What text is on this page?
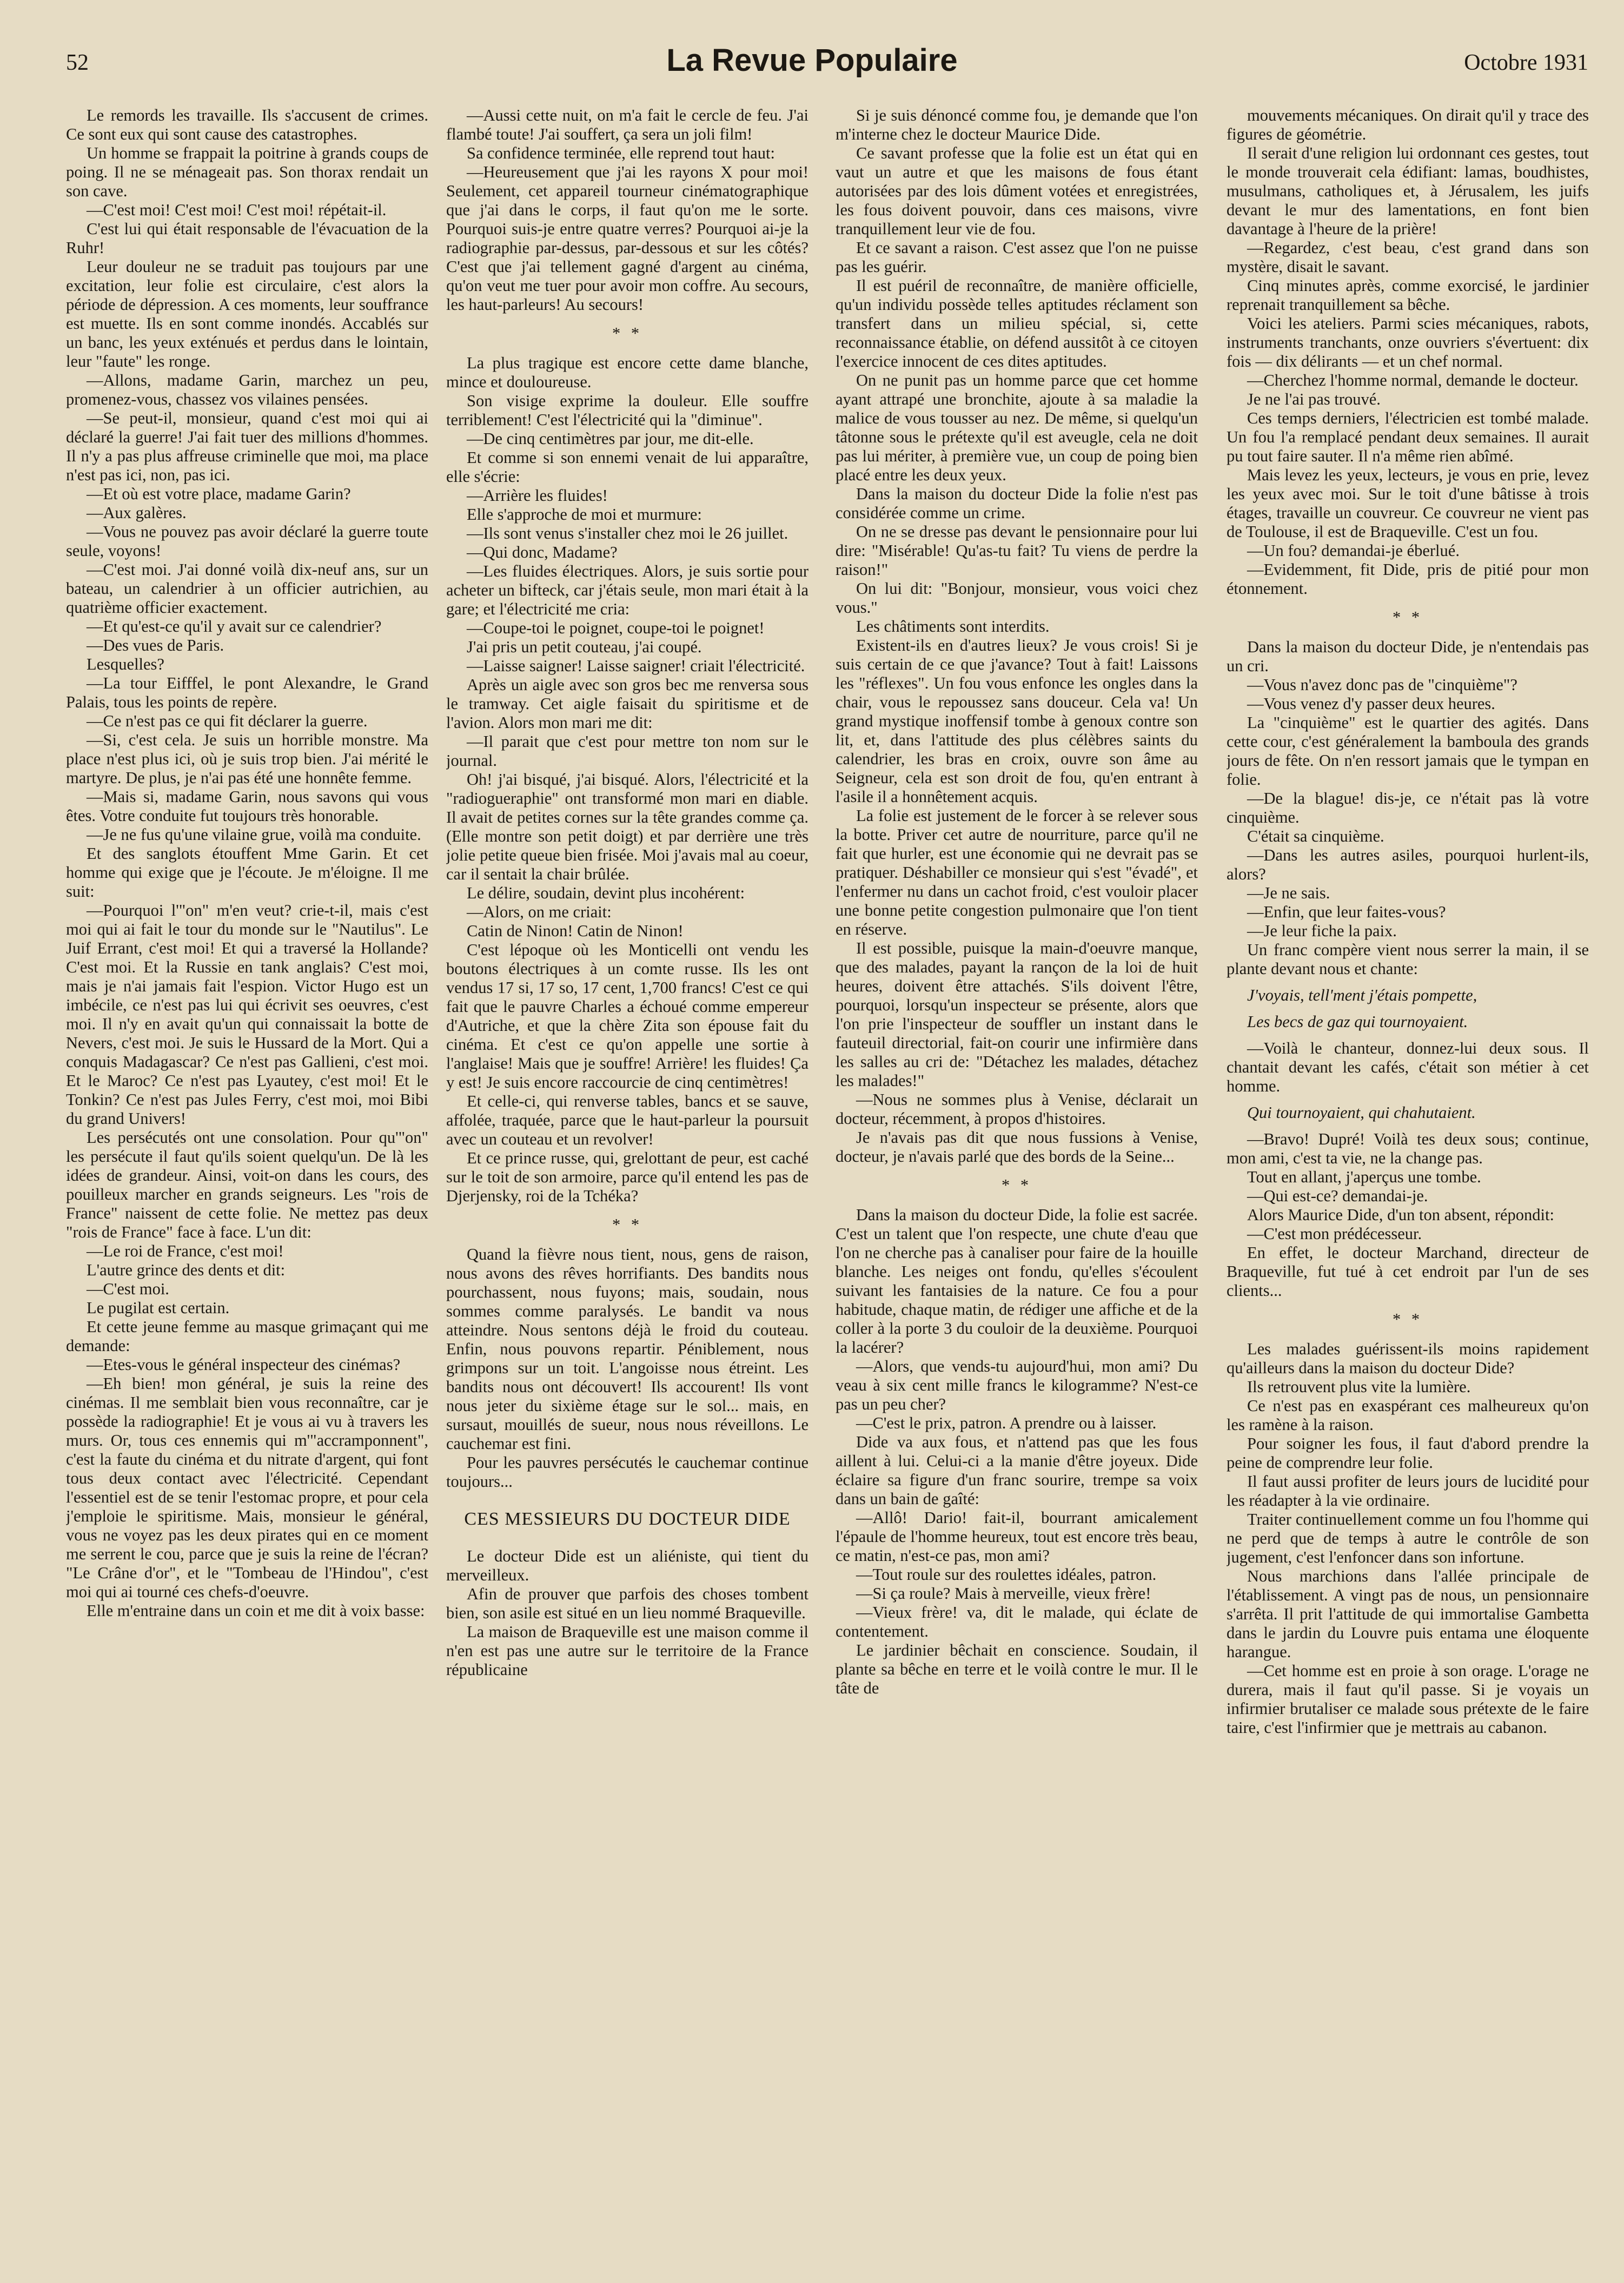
52	La Revue Populaire	Octobre 1931

Le remords les travaille. Ils s'accusent de crimes. Ce sont eux qui sont cause des catastrophes.

Un homme se frappait la poitrine à grands coups de poing. Il ne se ménageait pas. Son thorax rendait un son cave.

—C'est moi! C'est moi! C'est moi! répétait-il.

C'est lui qui était responsable de l'évacuation de la Ruhr!

Leur douleur ne se traduit pas toujours par une excitation, leur folie est circulaire, c'est alors la période de dépression. A ces moments, leur souffrance est muette. Ils en sont comme inondés. Accablés sur un banc, les yeux exténués et perdus dans le lointain, leur "faute" les ronge.

—Allons, madame Garin, marchez un peu, promenez-vous, chassez vos vilaines pensées.

—Se peut-il, monsieur, quand c'est moi qui ai déclaré la guerre! J'ai fait tuer des millions d'hommes. Il n'y a pas plus affreuse criminelle que moi, ma place n'est pas ici, non, pas ici.

—Et où est votre place, madame Garin?

—Aux galères.

—Vous ne pouvez pas avoir déclaré la guerre toute seule, voyons!

—C'est moi. J'ai donné voilà dix-neuf ans, sur un bateau, un calendrier à un officier autrichien, au quatrième officier exactement.

—Et qu'est-ce qu'il y avait sur ce calendrier?

—Des vues de Paris.

Lesquelles?

—La tour Eifffel, le pont Alexandre, le Grand Palais, tous les points de repère.

—Ce n'est pas ce qui fit déclarer la guerre.

—Si, c'est cela. Je suis un horrible monstre. Ma place n'est plus ici, où je suis trop bien. J'ai mérité le martyre. De plus, je n'ai pas été une honnête femme.

—Mais si, madame Garin, nous savons qui vous êtes. Votre conduite fut toujours très honorable.

—Je ne fus qu'une vilaine grue, voilà ma conduite.

Et des sanglots étouffent Mme Garin. Et cet homme qui exige que je l'écoute. Je m'éloigne. Il me suit:

—Pourquoi l'"on" m'en veut? crie-t-il, mais c'est moi qui ai fait le tour du monde sur le "Nautilus". Le Juif Errant, c'est moi! Et qui a traversé la Hollande? C'est moi. Et la Russie en tank anglais? C'est moi, mais je n'ai jamais fait l'espion. Victor Hugo est un imbécile, ce n'est pas lui qui écrivit ses oeuvres, c'est moi. Il n'y en avait qu'un qui connaissait la botte de Nevers, c'est moi. Je suis le Hussard de la Mort. Qui a conquis Madagascar? Ce n'est pas Gallieni, c'est moi. Et le Maroc? Ce n'est pas Lyautey, c'est moi! Et le Tonkin? Ce n'est pas Jules Ferry, c'est moi, moi Bibi du grand Univers!

Les persécutés ont une consolation. Pour qu'"on" les persécute il faut qu'ils soient quelqu'un. De là les idées de grandeur. Ainsi, voit-on dans les cours, des pouilleux marcher en grands seigneurs. Les "rois de France" naissent de cette folie. Ne mettez pas deux "rois de France" face à face. L'un dit:

—Le roi de France, c'est moi!

L'autre grince des dents et dit:

—C'est moi.

Le pugilat est certain.

Et cette jeune femme au masque grimaçant qui me demande:

—Etes-vous le général inspecteur des cinémas?

—Eh bien! mon général, je suis la reine des cinémas. Il me semblait bien vous reconnaître, car je possède la radiographie! Et je vous ai vu à travers les murs. Or, tous ces ennemis qui m'"accramponnent", c'est la faute du cinéma et du nitrate d'argent, qui font tous deux contact avec l'électricité. Cependant l'essentiel est de se tenir l'estomac propre, et pour cela j'emploie le spiritisme. Mais, monsieur le général, vous ne voyez pas les deux pirates qui en ce moment me serrent le cou, parce que je suis la reine de l'écran? "Le Crâne d'or", et le "Tombeau de l'Hindou", c'est moi qui ai tourné ces chefs-d'oeuvre.

Elle m'entraine dans un coin et me dit à voix basse:

—Aussi cette nuit, on m'a fait le cercle de feu. J'ai flambé toute! J'ai souffert, ça sera un joli film!

Sa confidence terminée, elle reprend tout haut:

—Heureusement que j'ai les rayons X pour moi! Seulement, cet appareil tourneur cinématographique que j'ai dans le corps, il faut qu'on me le sorte. Pourquoi suis-je entre quatre verres? Pourquoi ai-je la radiographie par-dessus, par-dessous et sur les côtés? C'est que j'ai tellement gagné d'argent au cinéma, qu'on veut me tuer pour avoir mon coffre. Au secours, les haut-parleurs! Au secours!

* *

La plus tragique est encore cette dame blanche, mince et douloureuse.

Son visige exprime la douleur. Elle souffre terriblement! C'est l'électricité qui la "diminue".

—De cinq centimètres par jour, me dit-elle.

Et comme si son ennemi venait de lui apparaître, elle s'écrie:

—Arrière les fluides!

Elle s'approche de moi et murmure:

—Ils sont venus s'installer chez moi le 26 juillet.

—Qui donc, Madame?

—Les fluides électriques. Alors, je suis sortie pour acheter un bifteck, car j'étais seule, mon mari était à la gare; et l'électricité me cria:

—Coupe-toi le poignet, coupe-toi le poignet!

J'ai pris un petit couteau, j'ai coupé.

—Laisse saigner! Laisse saigner! criait l'électricité.

Après un aigle avec son gros bec me renversa sous le tramway. Cet aigle faisait du spiritisme et de l'avion. Alors mon mari me dit:

—Il parait que c'est pour mettre ton nom sur le journal.

Oh! j'ai bisqué, j'ai bisqué. Alors, l'électricité et la "radiogueraphie" ont transformé mon mari en diable. Il avait de petites cornes sur la tête grandes comme ça. (Elle montre son petit doigt) et par derrière une très jolie petite queue bien frisée. Moi j'avais mal au coeur, car il sentait la chair brûlée.

Le délire, soudain, devint plus incohérent:

—Alors, on me criait:

Catin de Ninon! Catin de Ninon!

C'est lépoque où les Monticelli ont vendu les boutons électriques à un comte russe. Ils les ont vendus 17 si, 17 so, 17 cent, 1,700 francs! C'est ce qui fait que le pauvre Charles a échoué comme empereur d'Autriche, et que la chère Zita son épouse fait du cinéma. Et c'est ce qu'on appelle une sortie à l'anglaise! Mais que je souffre! Arrière! les fluides! Ça y est! Je suis encore raccourcie de cinq centimètres!

Et celle-ci, qui renverse tables, bancs et se sauve, affolée, traquée, parce que le haut-parleur la poursuit avec un couteau et un revolver!

Et ce prince russe, qui, grelottant de peur, est caché sur le toit de son armoire, parce qu'il entend les pas de Djerjensky, roi de la Tchéka?

* *

Quand la fièvre nous tient, nous, gens de raison, nous avons des rêves horrifiants. Des bandits nous pourchassent, nous fuyons; mais, soudain, nous sommes comme paralysés. Le bandit va nous atteindre. Nous sentons déjà le froid du couteau. Enfin, nous pouvons repartir. Péniblement, nous grimpons sur un toit. L'angoisse nous étreint. Les bandits nous ont découvert! Ils accourent! Ils vont nous jeter du sixième étage sur le sol... mais, en sursaut, mouillés de sueur, nous nous réveillons. Le cauchemar est fini.

Pour les pauvres persécutés le cauchemar continue toujours...

CES MESSIEURS DU DOCTEUR DIDE

Le docteur Dide est un aliéniste, qui tient du merveilleux.

Afin de prouver que parfois des choses tombent bien, son asile est situé en un lieu nommé Braqueville.

La maison de Braqueville est une maison comme il n'en est pas une autre sur le territoire de la France républicaine

Si je suis dénoncé comme fou, je demande que l'on m'interne chez le docteur Maurice Dide.

Ce savant professe que la folie est un état qui en vaut un autre et que les maisons de fous étant autorisées par des lois dûment votées et enregistrées, les fous doivent pouvoir, dans ces maisons, vivre tranquillement leur vie de fou.

Et ce savant a raison. C'est assez que l'on ne puisse pas les guérir.

Il est puéril de reconnaître, de manière officielle, qu'un individu possède telles aptitudes réclament son transfert dans un milieu spécial, si, cette reconnaissance établie, on défend aussitôt à ce citoyen l'exercice innocent de ces dites aptitudes.

On ne punit pas un homme parce que cet homme ayant attrapé une bronchite, ajoute à sa maladie la malice de vous tousser au nez. De même, si quelqu'un tâtonne sous le prétexte qu'il est aveugle, cela ne doit pas lui mériter, à première vue, un coup de poing bien placé entre les deux yeux.

Dans la maison du docteur Dide la folie n'est pas considérée comme un crime.

On ne se dresse pas devant le pensionnaire pour lui dire: "Misérable! Qu'as-tu fait? Tu viens de perdre la raison!"

On lui dit: "Bonjour, monsieur, vous voici chez vous."

Les châtiments sont interdits.

Existent-ils en d'autres lieux? Je vous crois! Si je suis certain de ce que j'avance? Tout à fait! Laissons les "réflexes". Un fou vous enfonce les ongles dans la chair, vous le repoussez sans douceur. Cela va! Un grand mystique inoffensif tombe à genoux contre son lit, et, dans l'attitude des plus célèbres saints du calendrier, les bras en croix, ouvre son âme au Seigneur, cela est son droit de fou, qu'en entrant à l'asile il a honnêtement acquis.

La folie est justement de le forcer à se relever sous la botte. Priver cet autre de nourriture, parce qu'il ne fait que hurler, est une économie qui ne devrait pas se pratiquer. Déshabiller ce monsieur qui s'est "évadé", et l'enfermer nu dans un cachot froid, c'est vouloir placer une bonne petite congestion pulmonaire que l'on tient en réserve.

Il est possible, puisque la main-d'oeuvre manque, que des malades, payant la rançon de la loi de huit heures, doivent être attachés. S'ils doivent l'être, pourquoi, lorsqu'un inspecteur se présente, alors que l'on prie l'inspecteur de souffler un instant dans le fauteuil directorial, fait-on courir une infirmière dans les salles au cri de: "Détachez les malades, détachez les malades!"

—Nous ne sommes plus à Venise, déclarait un docteur, récemment, à propos d'histoires.

Je n'avais pas dit que nous fussions à Venise, docteur, je n'avais parlé que des bords de la Seine...

* *

Dans la maison du docteur Dide, la folie est sacrée. C'est un talent que l'on respecte, une chute d'eau que l'on ne cherche pas à canaliser pour faire de la houille blanche. Les neiges ont fondu, qu'elles s'écoulent suivant les fantaisies de la nature. Ce fou a pour habitude, chaque matin, de rédiger une affiche et de la coller à la porte 3 du couloir de la deuxième. Pourquoi la lacérer?

—Alors, que vends-tu aujourd'hui, mon ami? Du veau à six cent mille francs le kilogramme? N'est-ce pas un peu cher?

—C'est le prix, patron. A prendre ou à laisser.

Dide va aux fous, et n'attend pas que les fous aillent à lui. Celui-ci a la manie d'être joyeux. Dide éclaire sa figure d'un franc sourire, trempe sa voix dans un bain de gaîté:

—Allô! Dario! fait-il, bourrant amicalement l'épaule de l'homme heureux, tout est encore très beau, ce matin, n'est-ce pas, mon ami?

—Tout roule sur des roulettes idéales, patron.

—Si ça roule? Mais à merveille, vieux frère!

—Vieux frère! va, dit le malade, qui éclate de contentement.

Le jardinier bêchait en conscience. Soudain, il plante sa bêche en terre et le voilà contre le mur. Il le tâte de

mouvements mécaniques. On dirait qu'il y trace des figures de géométrie.

Il serait d'une religion lui ordonnant ces gestes, tout le monde trouverait cela édifiant: lamas, boudhistes, musulmans, catholiques et, à Jérusalem, les juifs devant le mur des lamentations, en font bien davantage à l'heure de la prière!

—Regardez, c'est beau, c'est grand dans son mystère, disait le savant.

Cinq minutes après, comme exorcisé, le jardinier reprenait tranquillement sa bêche.

Voici les ateliers. Parmi scies mécaniques, rabots, instruments tranchants, onze ouvriers s'évertuent: dix fois — dix délirants — et un chef normal.

—Cherchez l'homme normal, demande le docteur.

Je ne l'ai pas trouvé.

Ces temps derniers, l'électricien est tombé malade. Un fou l'a remplacé pendant deux semaines. Il aurait pu tout faire sauter. Il n'a même rien abîmé.

Mais levez les yeux, lecteurs, je vous en prie, levez les yeux avec moi. Sur le toit d'une bâtisse à trois étages, travaille un couvreur. Ce couvreur ne vient pas de Toulouse, il est de Braqueville. C'est un fou.

—Un fou? demandai-je éberlué.

—Evidemment, fit Dide, pris de pitié pour mon étonnement.

* *

Dans la maison du docteur Dide, je n'entendais pas un cri.

—Vous n'avez donc pas de "cinquième"?

—Vous venez d'y passer deux heures.

La "cinquième" est le quartier des agités. Dans cette cour, c'est généralement la bamboula des grands jours de fête. On n'en ressort jamais que le tympan en folie.

—De la blague! dis-je, ce n'était pas là votre cinquième.

C'était sa cinquième.

—Dans les autres asiles, pourquoi hurlent-ils, alors?

—Je ne sais.

—Enfin, que leur faites-vous?

—Je leur fiche la paix.

Un franc compère vient nous serrer la main, il se plante devant nous et chante:

J'voyais, tell'ment j'étais pompette,

Les becs de gaz qui tournoyaient.

—Voilà le chanteur, donnez-lui deux sous. Il chantait devant les cafés, c'était son métier à cet homme.

Qui tournoyaient, qui chahutaient.

—Bravo! Dupré! Voilà tes deux sous; continue, mon ami, c'est ta vie, ne la change pas.

Tout en allant, j'aperçus une tombe.

—Qui est-ce? demandai-je.

Alors Maurice Dide, d'un ton absent, répondit:

—C'est mon prédécesseur.

En effet, le docteur Marchand, directeur de Braqueville, fut tué à cet endroit par l'un de ses clients...

* *

Les malades guérissent-ils moins rapidement qu'ailleurs dans la maison du docteur Dide?

Ils retrouvent plus vite la lumière.

Ce n'est pas en exaspérant ces malheureux qu'on les ramène à la raison.

Pour soigner les fous, il faut d'abord prendre la peine de comprendre leur folie.

Il faut aussi profiter de leurs jours de lucidité pour les réadapter à la vie ordinaire.

Traiter continuellement comme un fou l'homme qui ne perd que de temps à autre le contrôle de son jugement, c'est l'enfoncer dans son infortune.

Nous marchions dans l'allée principale de l'établissement. A vingt pas de nous, un pensionnaire s'arrêta. Il prit l'attitude de qui immortalise Gambetta dans le jardin du Louvre puis entama une éloquente harangue.

—Cet homme est en proie à son orage. L'orage ne durera, mais il faut qu'il passe. Si je voyais un infirmier brutaliser ce malade sous prétexte de le faire taire, c'est l'infirmier que je mettrais au cabanon.
